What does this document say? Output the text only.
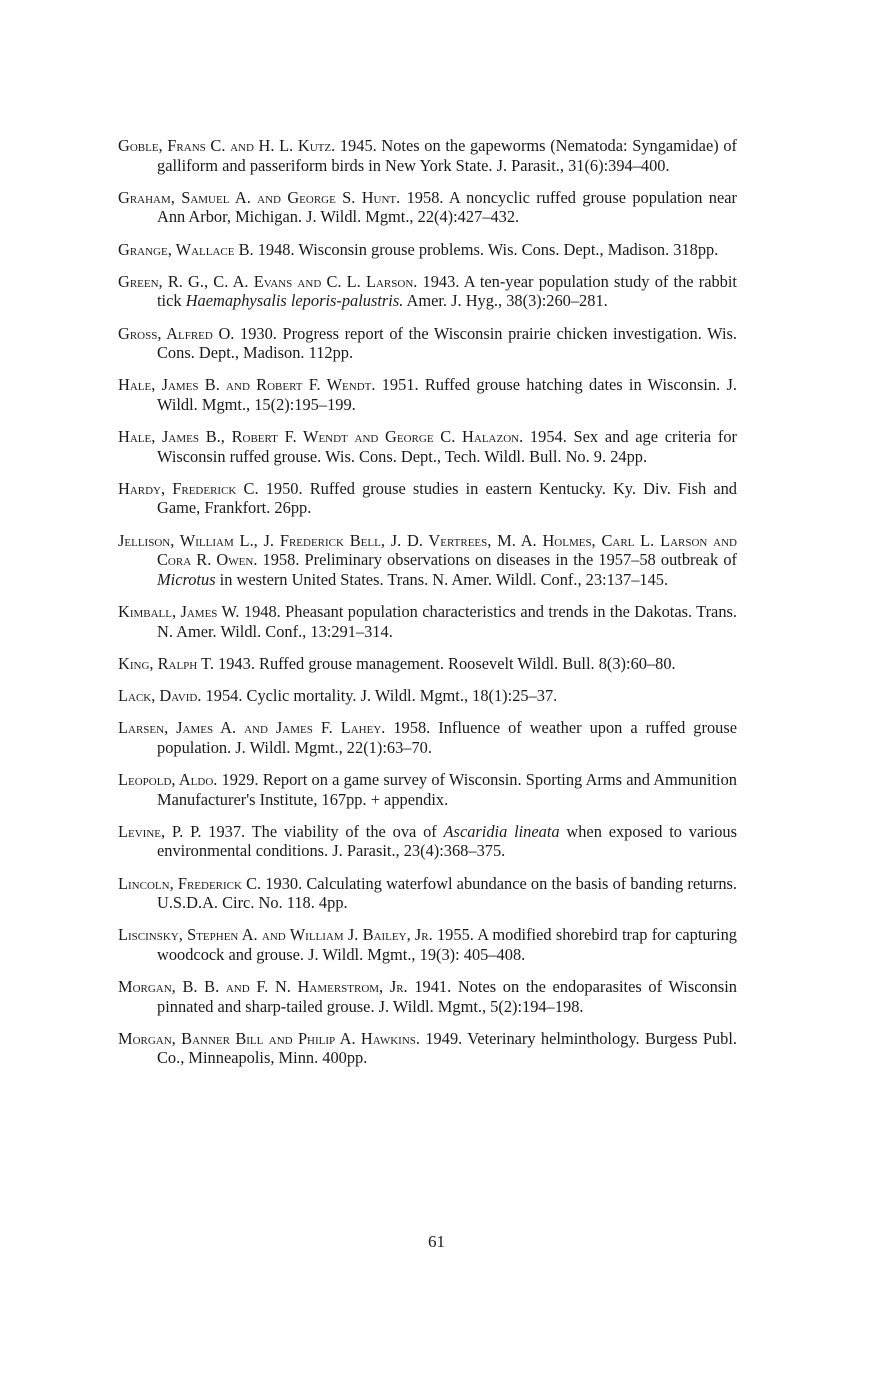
Goble, Frans C. and H. L. Kutz. 1945. Notes on the gapeworms (Nematoda: Syngamidae) of galliform and passeriform birds in New York State. J. Parasit., 31(6):394–400.
Graham, Samuel A. and George S. Hunt. 1958. A noncyclic ruffed grouse population near Ann Arbor, Michigan. J. Wildl. Mgmt., 22(4):427–432.
Grange, Wallace B. 1948. Wisconsin grouse problems. Wis. Cons. Dept., Madison. 318pp.
Green, R. G., C. A. Evans and C. L. Larson. 1943. A ten-year population study of the rabbit tick Haemaphysalis leporis-palustris. Amer. J. Hyg., 38(3):260–281.
Gross, Alfred O. 1930. Progress report of the Wisconsin prairie chicken investigation. Wis. Cons. Dept., Madison. 112pp.
Hale, James B. and Robert F. Wendt. 1951. Ruffed grouse hatching dates in Wisconsin. J. Wildl. Mgmt., 15(2):195–199.
Hale, James B., Robert F. Wendt and George C. Halazon. 1954. Sex and age criteria for Wisconsin ruffed grouse. Wis. Cons. Dept., Tech. Wildl. Bull. No. 9. 24pp.
Hardy, Frederick C. 1950. Ruffed grouse studies in eastern Kentucky. Ky. Div. Fish and Game, Frankfort. 26pp.
Jellison, William L., J. Frederick Bell, J. D. Vertrees, M. A. Holmes, Carl L. Larson and Cora R. Owen. 1958. Preliminary observations on diseases in the 1957–58 outbreak of Microtus in western United States. Trans. N. Amer. Wildl. Conf., 23:137–145.
Kimball, James W. 1948. Pheasant population characteristics and trends in the Dakotas. Trans. N. Amer. Wildl. Conf., 13:291–314.
King, Ralph T. 1943. Ruffed grouse management. Roosevelt Wildl. Bull. 8(3):60–80.
Lack, David. 1954. Cyclic mortality. J. Wildl. Mgmt., 18(1):25–37.
Larsen, James A. and James F. Lahey. 1958. Influence of weather upon a ruffed grouse population. J. Wildl. Mgmt., 22(1):63–70.
Leopold, Aldo. 1929. Report on a game survey of Wisconsin. Sporting Arms and Ammunition Manufacturer's Institute, 167pp. + appendix.
Levine, P. P. 1937. The viability of the ova of Ascaridia lineata when exposed to various environmental conditions. J. Parasit., 23(4):368–375.
Lincoln, Frederick C. 1930. Calculating waterfowl abundance on the basis of banding returns. U.S.D.A. Circ. No. 118. 4pp.
Liscinsky, Stephen A. and William J. Bailey, Jr. 1955. A modified shorebird trap for capturing woodcock and grouse. J. Wildl. Mgmt., 19(3): 405–408.
Morgan, B. B. and F. N. Hamerstrom, Jr. 1941. Notes on the endoparasites of Wisconsin pinnated and sharp-tailed grouse. J. Wildl. Mgmt., 5(2):194–198.
Morgan, Banner Bill and Philip A. Hawkins. 1949. Veterinary helminthology. Burgess Publ. Co., Minneapolis, Minn. 400pp.
61
